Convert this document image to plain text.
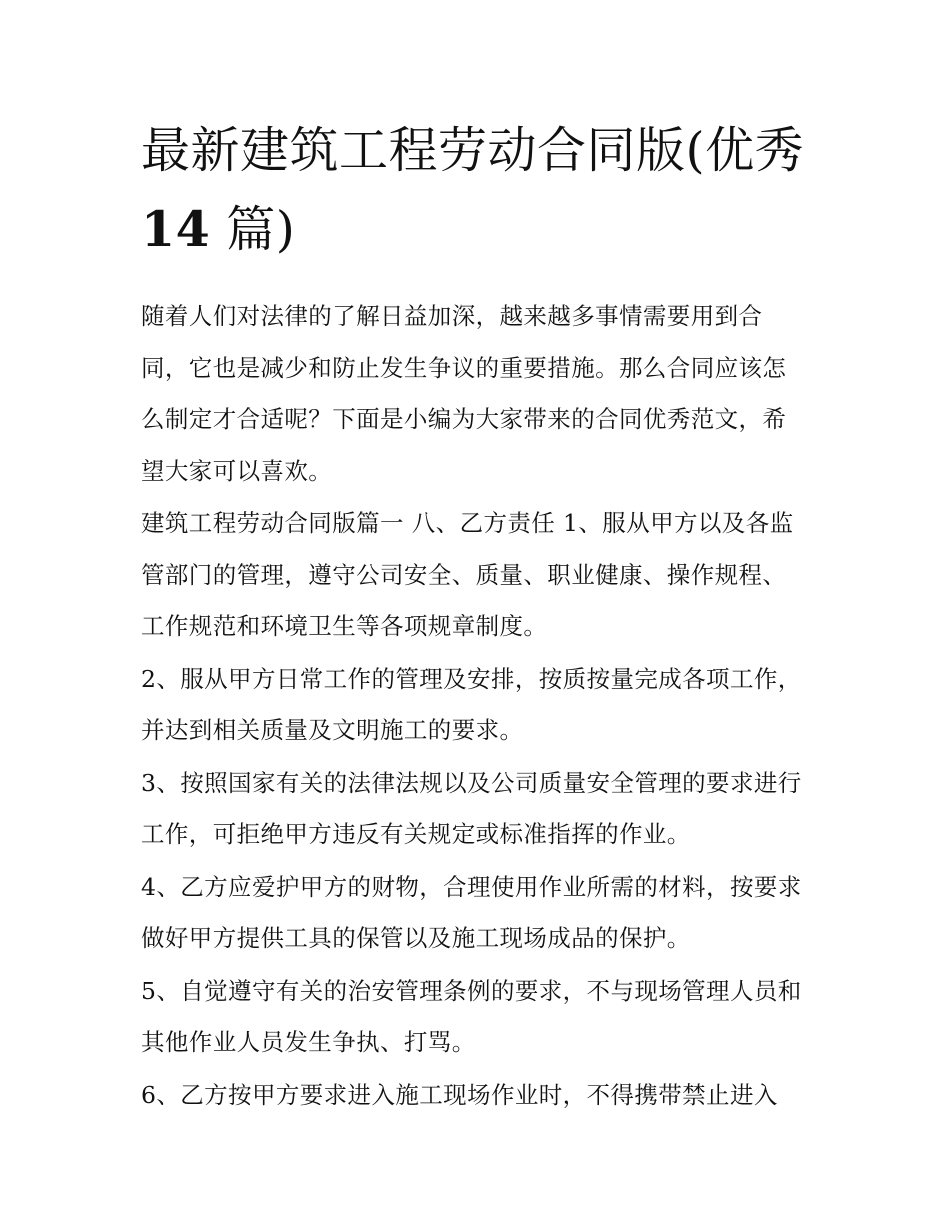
最新建筑工程劳动合同版(优秀
14 篇)

随着人们对法律的了解日益加深，越来越多事情需要用到合同，它也是减少和防止发生争议的重要措施。那么合同应该怎么制定才合适呢？下面是小编为大家带来的合同优秀范文，希望大家可以喜欢。

建筑工程劳动合同版篇一 八、乙方责任 1、服从甲方以及各监管部门的管理，遵守公司安全、质量、职业健康、操作规程、工作规范和环境卫生等各项规章制度。

2、服从甲方日常工作的管理及安排，按质按量完成各项工作，并达到相关质量及文明施工的要求。

3、按照国家有关的法律法规以及公司质量安全管理的要求进行工作，可拒绝甲方违反有关规定或标准指挥的作业。

4、乙方应爱护甲方的财物，合理使用作业所需的材料，按要求做好甲方提供工具的保管以及施工现场成品的保护。

5、自觉遵守有关的治安管理条例的要求，不与现场管理人员和其他作业人员发生争执、打骂。

6、乙方按甲方要求进入施工现场作业时，不得携带禁止进入
